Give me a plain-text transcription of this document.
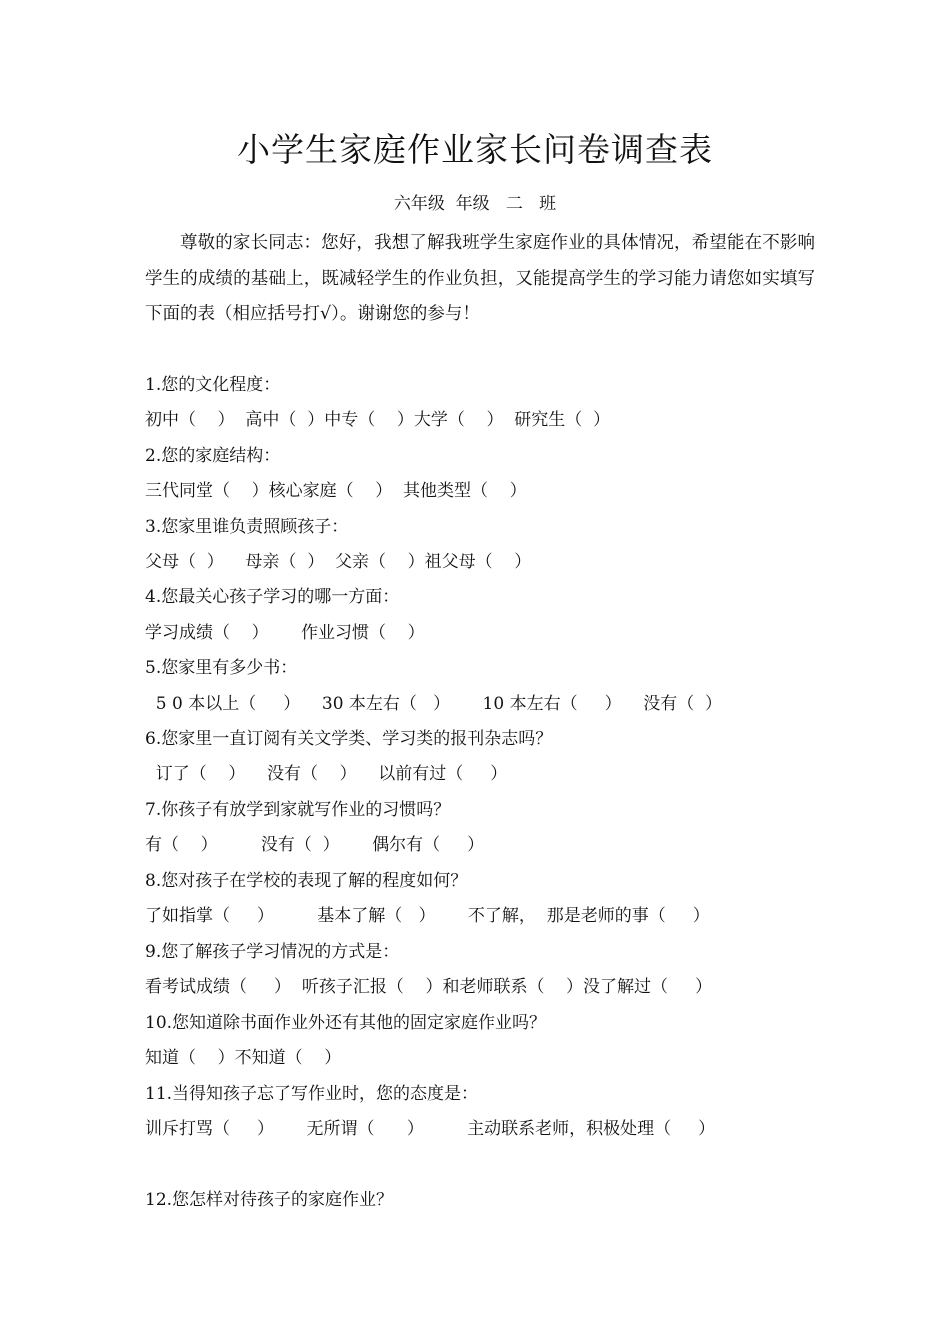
小学生家庭作业家长问卷调查表
六年级  年级   二   班
尊敬的家长同志：您好，我想了解我班学生家庭作业的具体情况，希望能在不影响学生的成绩的基础上，既减轻学生的作业负担，又能提高学生的学习能力请您如实填写下面的表（相应括号打√）。谢谢您的参与！
1.您的文化程度：
初中（    ）  高中（  ）中专（    ）大学（    ）  研究生（  ）
2.您的家庭结构：
三代同堂（    ）核心家庭（    ）  其他类型（    ）
3.您家里谁负责照顾孩子：
父母（  ）    母亲（  ）  父亲（    ）祖父母（    ）
4.您最关心孩子学习的哪一方面：
学习成绩（    ）      作业习惯（    ）
5.您家里有多少书：
5 0 本以上（     ）    30 本左右（   ）      10 本左右（     ）    没有（  ）
6.您家里一直订阅有关文学类、学习类的报刊杂志吗？
订了（    ）    没有（    ）    以前有过（     ）
7.你孩子有放学到家就写作业的习惯吗？
有（    ）        没有（  ）      偶尔有（     ）
8.您对孩子在学校的表现了解的程度如何？
了如指掌（     ）        基本了解（   ）      不了解，  那是老师的事（     ）
9.您了解孩子学习情况的方式是：
看考试成绩（     ）  听孩子汇报（    ）和老师联系（    ）没了解过（     ）
10.您知道除书面作业外还有其他的固定家庭作业吗？
知道（    ）不知道（    ）
11.当得知孩子忘了写作业时，您的态度是：
训斥打骂（     ）      无所谓（      ）        主动联系老师，积极处理（     ）
12.您怎样对待孩子的家庭作业？
